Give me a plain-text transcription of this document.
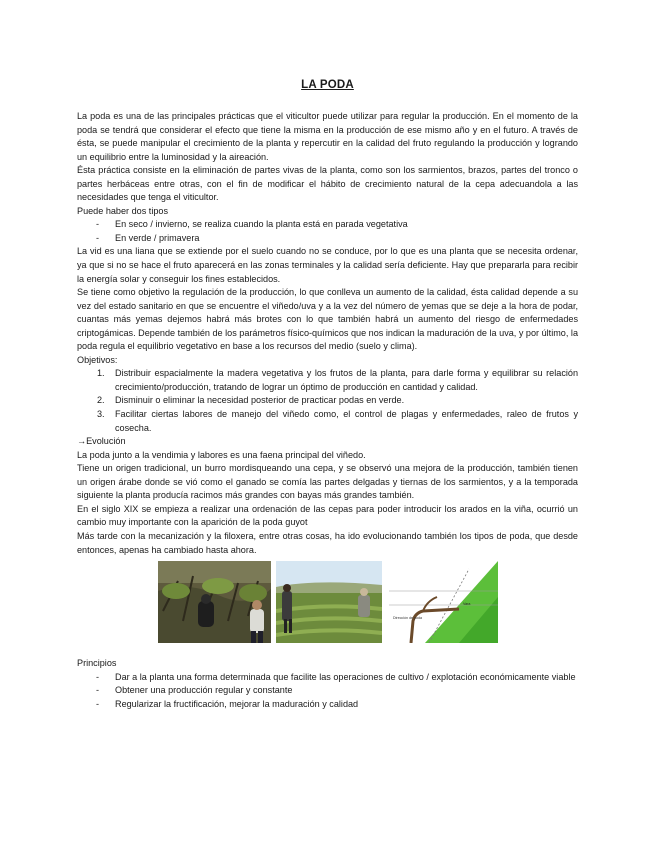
LA PODA

La poda es una de las principales prácticas que el viticultor puede utilizar para regular la producción. En el momento de la poda se tendrá que considerar el efecto que tiene la misma en la producción de ese mismo año y en el futuro. A través de ésta, se puede manipular el crecimiento de la planta y repercutir en la calidad del fruto regulando la producción y logrando un equilibrio entre la luminosidad y la aireación.

Ésta práctica consiste en la eliminación de partes vivas de la planta, como son los sarmientos, brazos, partes del tronco o partes herbáceas entre otras, con el fin de modificar el hábito de crecimiento natural de la cepa adecuandola a las necesidades que tenga el viticultor.

Puede haber dos tipos

- En seco / invierno, se realiza cuando la planta está en parada vegetativa
- En verde / primavera

La vid es una liana que se extiende por el suelo cuando no se conduce, por lo que es una planta que se necesita ordenar, ya que si no se hace el fruto aparecerá en las zonas terminales y la calidad sería deficiente. Hay que prepararla para recibir la energía solar y conseguir los fines establecidos.

Se tiene como objetivo la regulación de la producción, lo que conlleva un aumento de la calidad, ésta calidad depende a su vez del estado sanitario en que se encuentre el viñedo/uva y a la vez del número de yemas que se deje a la hora de podar, cuantas más yemas dejemos habrá más brotes con lo que también habrá un aumento del riesgo de enfermedades criptogámicas. Depende también de los parámetros físico-químicos que nos indican la maduración de la uva, y por último, la poda regula el equilibrio vegetativo en base a los recursos del medio (suelo y clima).

Objetivos:

1. Distribuir espacialmente la madera vegetativa y los frutos de la planta, para darle forma y equilibrar su relación crecimiento/producción, tratando de lograr un óptimo de producción en cantidad y calidad.
2. Disminuir o eliminar la necesidad posterior de practicar podas en verde.
3. Facilitar ciertas labores de manejo del viñedo como, el control de plagas y enfermedades, raleo de frutos y cosecha.

→Evolución

La poda junto a la vendimia y labores es una faena principal del viñedo.

Tiene un origen tradicional, un burro mordisqueando una cepa, y se observó una mejora de la producción, también tienen un origen árabe donde se vió como el ganado se comía las partes delgadas y tiernas de los sarmientos, y a la temporada siguiente la planta producía racimos más grandes con bayas más grandes también.

En el siglo XIX se empieza a realizar una ordenación de las cepas para poder introducir los arados en la viña, ocurrió un cambio muy importante con la aparición de la poda guyot

Más tarde con la mecanización y la filoxera, entre otras cosas, ha ido evolucionando también los tipos de poda, que desde entonces, apenas ha cambiado hasta ahora.

Dirección de poda
Vara

Principios

- Dar a la planta una forma determinada que facilite las operaciones de cultivo / explotación económicamente viable
- Obtener una producción regular y constante
- Regularizar la fructificación, mejorar la maduración y calidad
